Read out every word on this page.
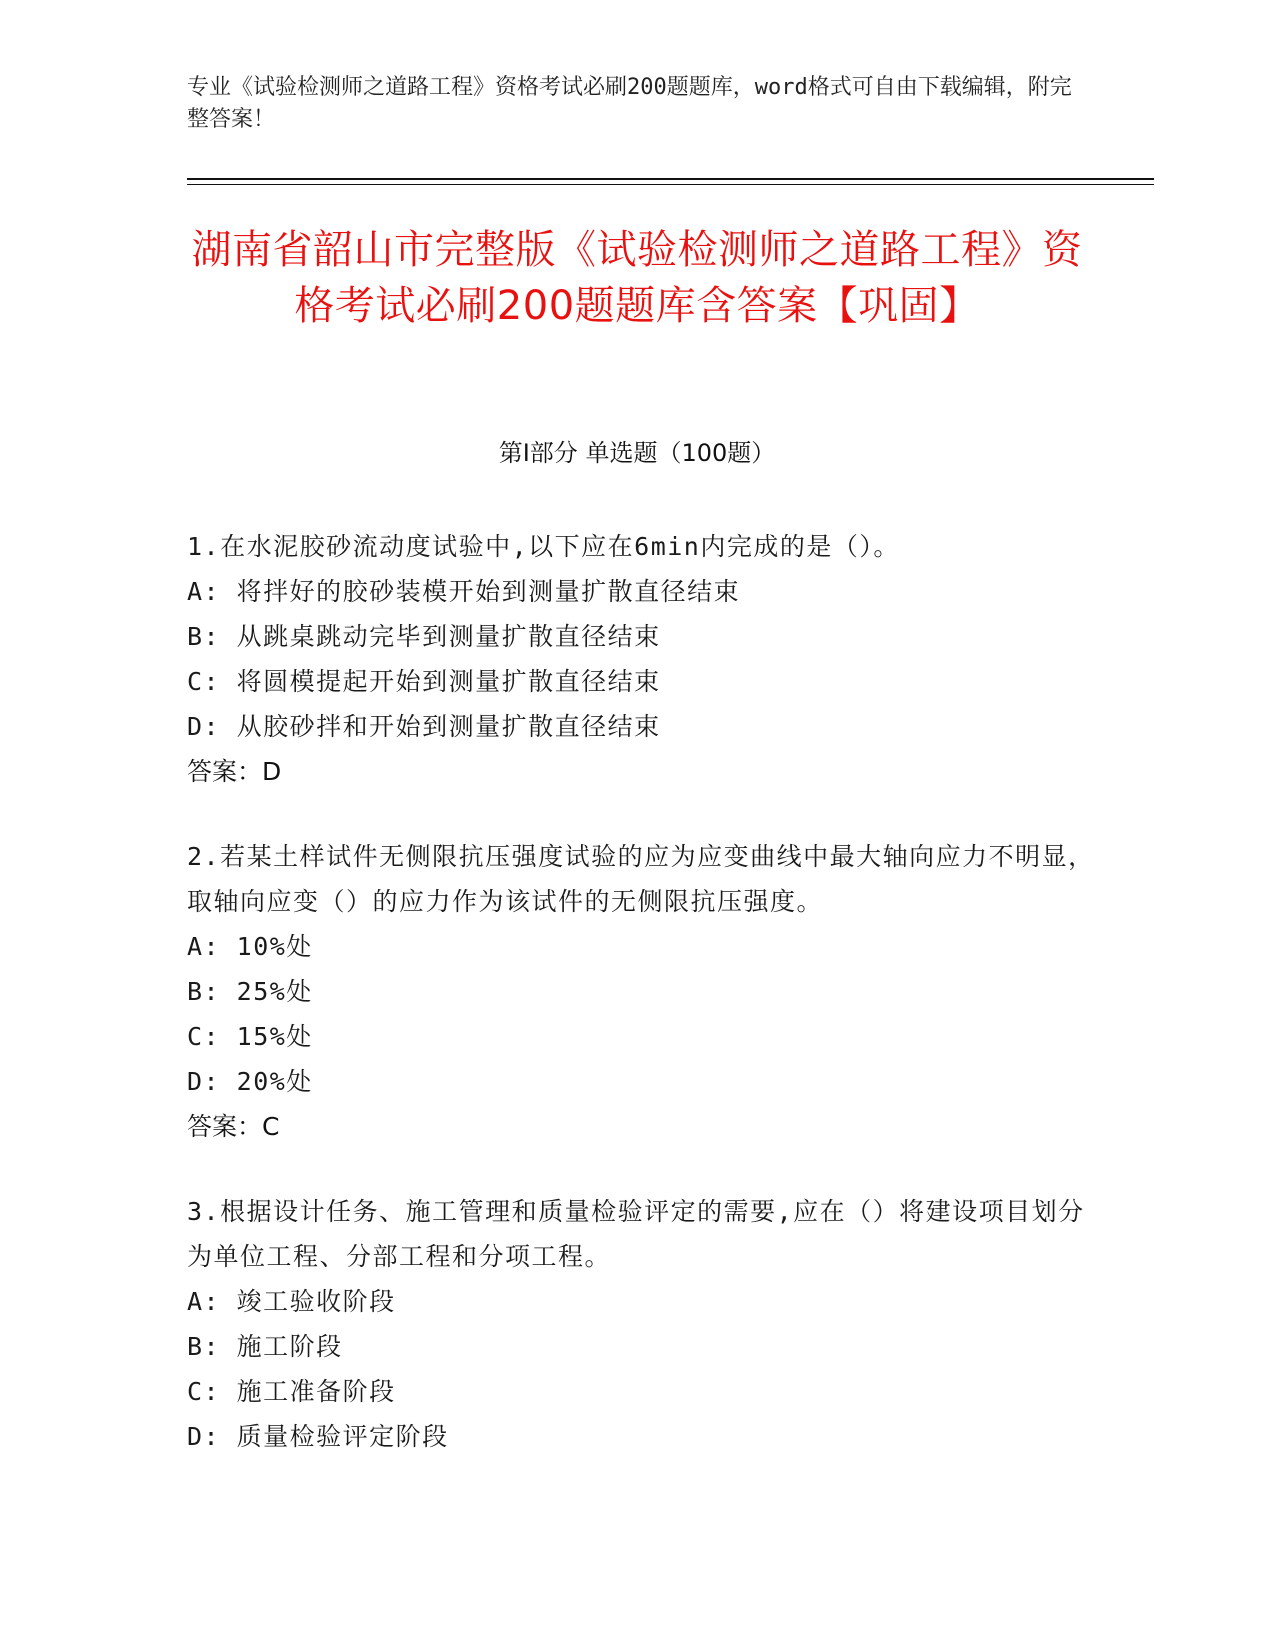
专业《试验检测师之道路工程》资格考试必刷200题题库，word格式可自由下载编辑，附完整答案！
湖南省韶山市完整版《试验检测师之道路工程》资格考试必刷200题题库含答案【巩固】
第I部分 单选题（100题）
1.在水泥胶砂流动度试验中,以下应在6min内完成的是（）。
A: 将拌好的胶砂装模开始到测量扩散直径结束
B: 从跳桌跳动完毕到测量扩散直径结束
C: 将圆模提起开始到测量扩散直径结束
D: 从胶砂拌和开始到测量扩散直径结束
答案：D
2.若某土样试件无侧限抗压强度试验的应为应变曲线中最大轴向应力不明显，取轴向应变（）的应力作为该试件的无侧限抗压强度。
A: 10%处
B: 25%处
C: 15%处
D: 20%处
答案：C
3.根据设计任务、施工管理和质量检验评定的需要,应在（）将建设项目划分为单位工程、分部工程和分项工程。
A: 竣工验收阶段
B: 施工阶段
C: 施工准备阶段
D: 质量检验评定阶段
